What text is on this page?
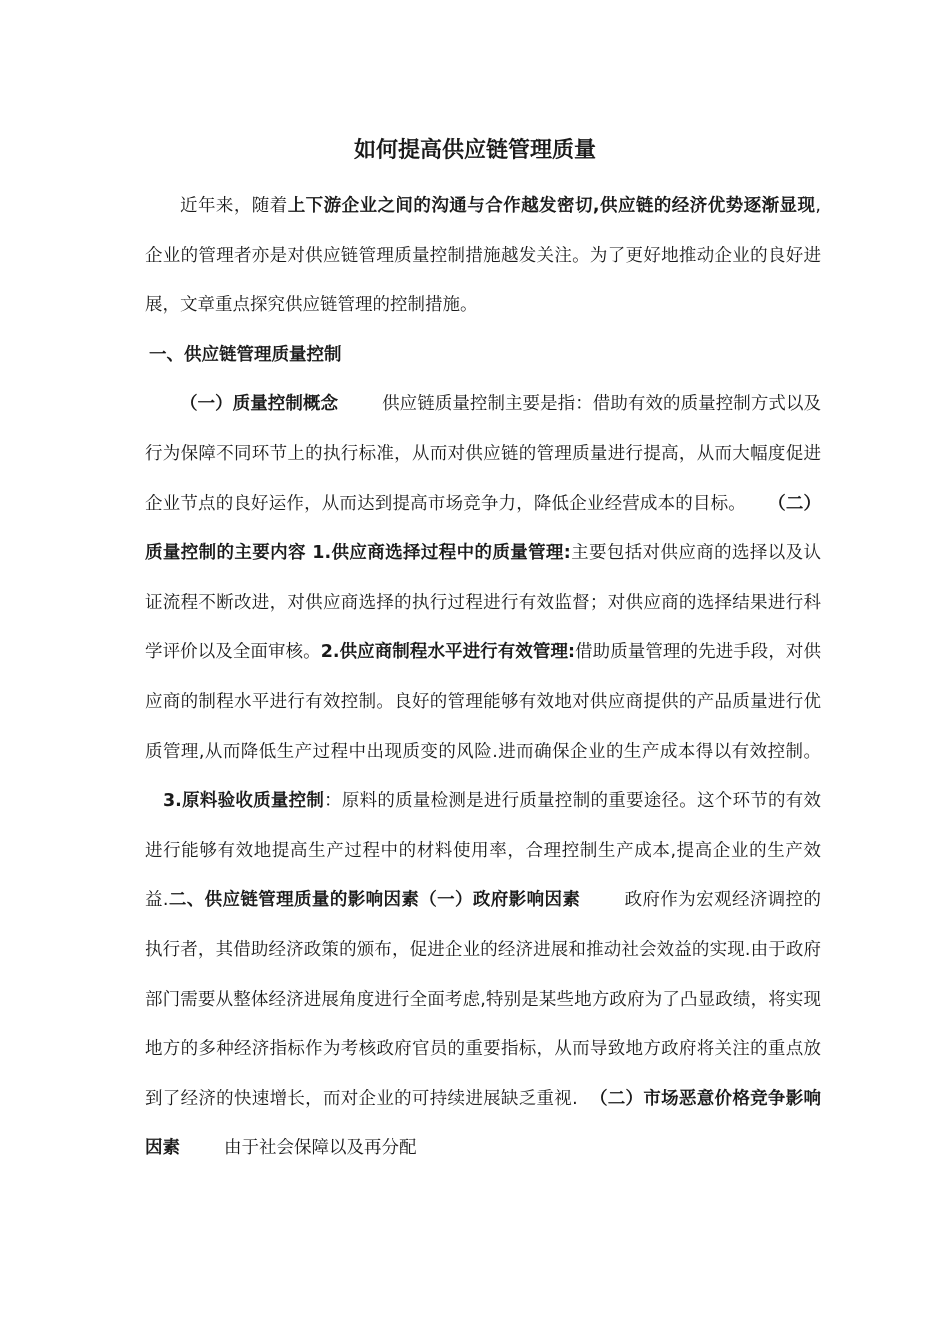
如何提高供应链管理质量

近年来，随着上下游企业之间的沟通与合作越发密切,供应链的经济优势逐渐显现,企业的管理者亦是对供应链管理质量控制措施越发关注。为了更好地推动企业的良好进展，文章重点探究供应链管理的控制措施。

一、供应链管理质量控制

（一）质量控制概念	供应链质量控制主要是指：借助有效的质量控制方式以及行为保障不同环节上的执行标准，从而对供应链的管理质量进行提高，从而大幅度促进企业节点的良好运作，从而达到提高市场竞争力，降低企业经营成本的目标。 （二）质量控制的主要内容 1.供应商选择过程中的质量管理:主要包括对供应商的选择以及认证流程不断改进，对供应商选择的执行过程进行有效监督；对供应商的选择结果进行科学评价以及全面审核。2.供应商制程水平进行有效管理:借助质量管理的先进手段，对供应商的制程水平进行有效控制。良好的管理能够有效地对供应商提供的产品质量进行优质管理,从而降低生产过程中出现质变的风险.进而确保企业的生产成本得以有效控制。3.原料验收质量控制：原料的质量检测是进行质量控制的重要途径。这个环节的有效进行能够有效地提高生产过程中的材料使用率，合理控制生产成本,提高企业的生产效益.二、供应链管理质量的影响因素（一）政府影响因素	政府作为宏观经济调控的执行者，其借助经济政策的颁布，促进企业的经济进展和推动社会效益的实现.由于政府部门需要从整体经济进展角度进行全面考虑,特别是某些地方政府为了凸显政绩，将实现地方的多种经济指标作为考核政府官员的重要指标，从而导致地方政府将关注的重点放到了经济的快速增长，而对企业的可持续进展缺乏重视. （二）市场恶意价格竞争影响因素	由于社会保障以及再分配
